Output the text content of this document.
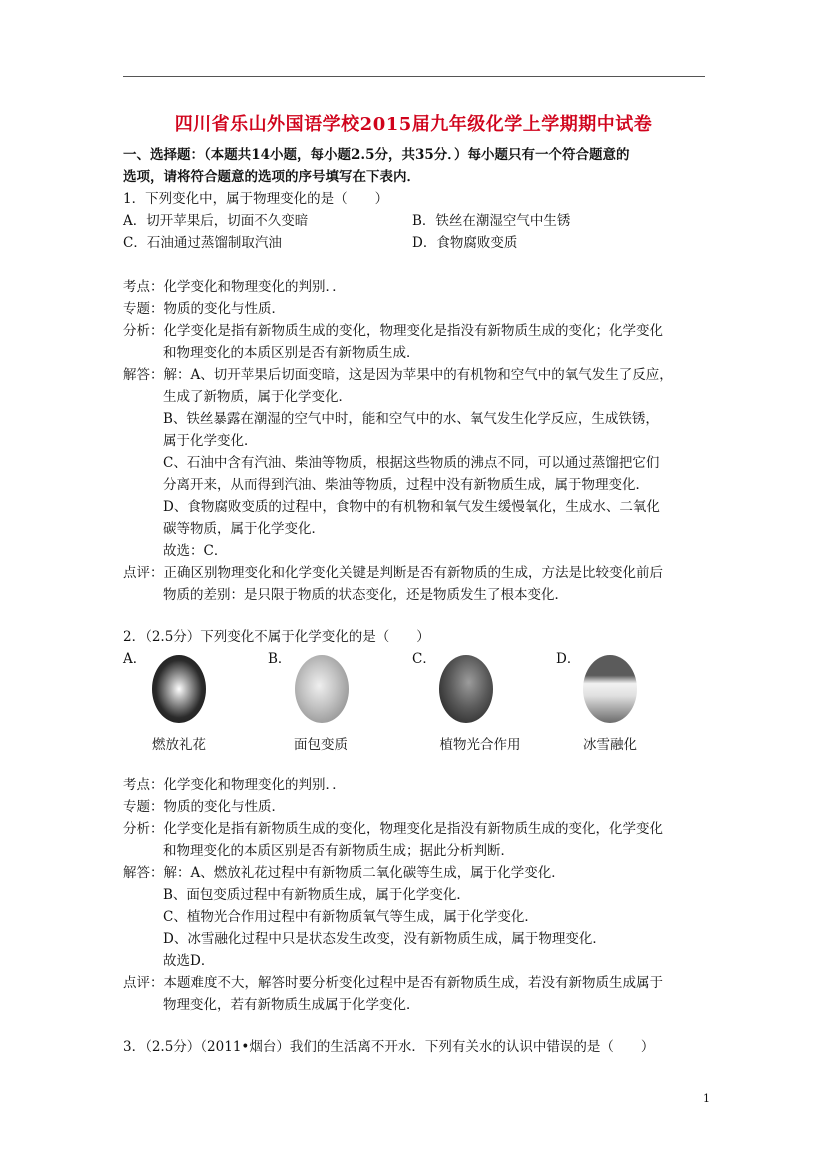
四川省乐山外国语学校2015届九年级化学上学期期中试卷
一、选择题：（本题共14小题，每小题2.5分，共35分．）每小题只有一个符合题意的
选项，请将符合题意的选项的序号填写在下表内．
1．下列变化中，属于物理变化的是（　　）
A．切开苹果后，切面不久变暗	B．铁丝在潮湿空气中生锈
C．石油通过蒸馏制取汽油	D．食物腐败变质
考点：化学变化和物理变化的判别．．
专题：物质的变化与性质．
分析：化学变化是指有新物质生成的变化，物理变化是指没有新物质生成的变化；化学变化
和物理变化的本质区别是否有新物质生成．
解答：解：A、切开苹果后切面变暗，这是因为苹果中的有机物和空气中的氧气发生了反应，
生成了新物质，属于化学变化．
B、铁丝暴露在潮湿的空气中时，能和空气中的水、氧气发生化学反应，生成铁锈，
属于化学变化．
C、石油中含有汽油、柴油等物质，根据这些物质的沸点不同，可以通过蒸馏把它们
分离开来，从而得到汽油、柴油等物质，过程中没有新物质生成，属于物理变化．
D、食物腐败变质的过程中，食物中的有机物和氧气发生缓慢氧化，生成水、二氧化
碳等物质，属于化学变化．
故选：C．
点评：正确区别物理变化和化学变化关键是判断是否有新物质的生成，方法是比较变化前后
物质的差别：是只限于物质的状态变化，还是物质发生了根本变化．
2．（2.5分）下列变化不属于化学变化的是（　　）
A．	B．	C．	D．
燃放礼花	面包变质	植物光合作用	冰雪融化
考点：化学变化和物理变化的判别．．
专题：物质的变化与性质．
分析：化学变化是指有新物质生成的变化，物理变化是指没有新物质生成的变化，化学变化
和物理变化的本质区别是否有新物质生成；据此分析判断．
解答：解：A、燃放礼花过程中有新物质二氧化碳等生成，属于化学变化．
B、面包变质过程中有新物质生成，属于化学变化．
C、植物光合作用过程中有新物质氧气等生成，属于化学变化．
D、冰雪融化过程中只是状态发生改变，没有新物质生成，属于物理变化．
故选D．
点评：本题难度不大，解答时要分析变化过程中是否有新物质生成，若没有新物质生成属于
物理变化，若有新物质生成属于化学变化．
3．（2.5分）（2011•烟台）我们的生活离不开水．下列有关水的认识中错误的是（　　）
1
